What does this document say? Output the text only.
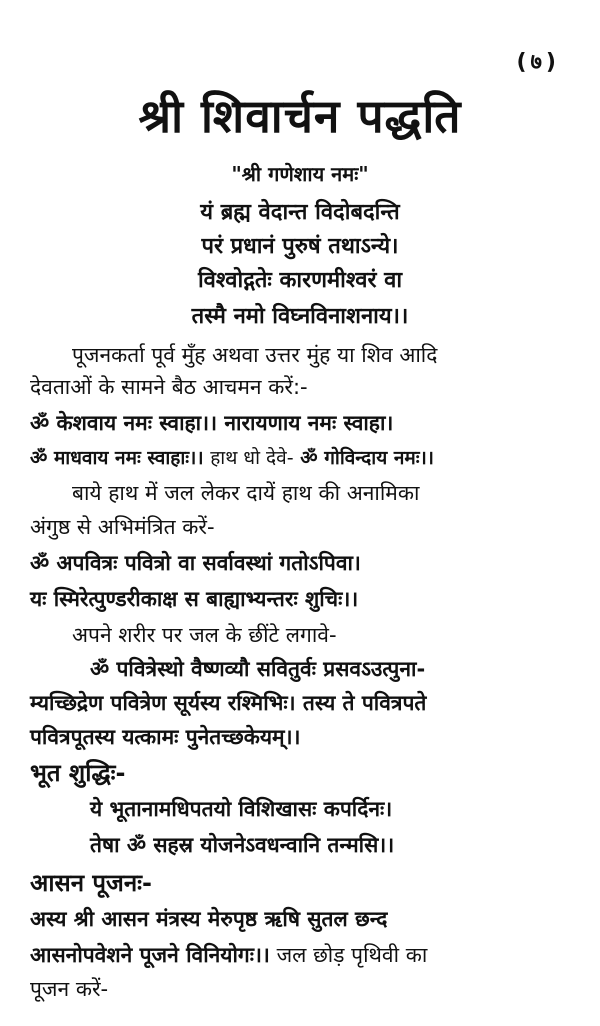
(७)
श्री शिवार्चन पद्धति
"श्री गणेशाय नमः"
यं ब्रह्म वेदान्त विदोबदन्ति
परं प्रधानं पुरुषं तथाऽन्ये।
विश्वोद्गतेः कारणमीश्वरं वा
तस्मै नमो विघ्नविनाशनाय।।
पूजनकर्ता पूर्व मुँह अथवा उत्तर मुंह या शिव आदि
देवताओं के सामने बैठ आचमन करें:-
ॐ केशवाय नमः स्वाहा।। नारायणाय नमः स्वाहा।
ॐ माधवाय नमः स्वाहाः।। हाथ धो देवे- ॐ गोविन्दाय नमः।।
बाये हाथ में जल लेकर दायें हाथ की अनामिका
अंगुष्ठ से अभिमंत्रित करें-
ॐ अपवित्रः पवित्रो वा सर्वावस्थां गतोऽपिवा।
यः स्मिरेत्पुण्डरीकाक्ष स बाह्याभ्यन्तरः शुचिः।।
अपने शरीर पर जल के छींटे लगावे-
ॐ पवित्रेस्थो वैष्णव्यौ सवितुर्वः प्रसवऽउत्पुना-
म्यच्छिद्रेण पवित्रेण सूर्यस्य रश्मिभिः। तस्य ते पवित्रपते
पवित्रपूतस्य यत्कामः पुनेतच्छकेयम्।।
भूत शुद्धिः-
ये भूतानामधिपतयो विशिखासः कपर्दिनः।
तेषा ॐ सहस्र योजनेऽवधन्वानि तन्मसि।।
आसन पूजनः-
अस्य श्री आसन मंत्रस्य मेरुपृष्ठ ऋषि सुतल छन्द
आसनोपवेशने पूजने विनियोगः।। जल छोड़ पृथिवी का
पूजन करें-
